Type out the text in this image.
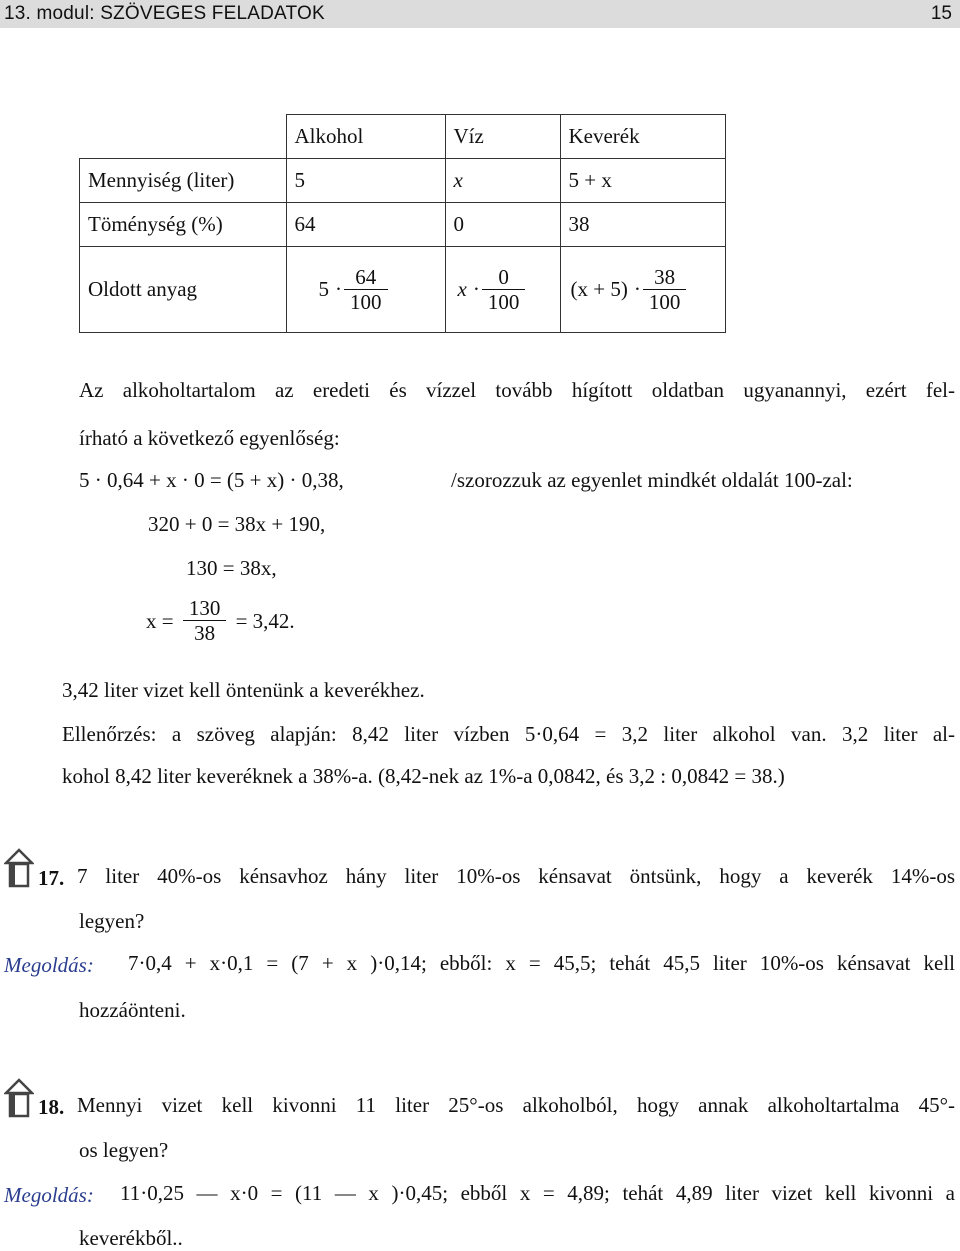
13. modul: SZÖVEGES FELADATOK	15
	Alkohol	Víz	Keverék
Mennyiség (liter)	5	x	5 + x
Töménység (%)	64	0	38
Oldott anyag	$5 \cdot \frac{64}{100}$	$x \cdot \frac{0}{100}$	$(x + 5) \cdot \frac{38}{100}$
Az alkoholtartalom az eredeti és vízzel tovább hígított oldatban ugyanannyi, ezért fel-
írható a következő egyenlőség:
5 · 0,64 + x · 0 = (5 + x) · 0,38,	/szorozzuk az egyenlet mindkét oldalát 100-zal:
320 + 0 = 38x + 190,
130 = 38x,
$x = \frac{130}{38} = 3,42$.
3,42 liter vizet kell öntenünk a keverékhez.
Ellenőrzés: a szöveg alapján: 8,42 liter vízben 5·0,64 = 3,2 liter alkohol van. 3,2 liter al-
kohol 8,42 liter keveréknek a 38%-a. (8,42-nek az 1%-a 0,0842, és 3,2 : 0,0842 = 38.)
17. 7 liter 40%-os kénsavhoz hány liter 10%-os kénsavat öntsünk, hogy a keverék 14%-os
legyen?
Megoldás: 7·0,4 + x·0,1 = (7 + x )·0,14; ebből: x = 45,5; tehát 45,5 liter 10%-os kénsavat kell
hozzáönteni.
18. Mennyi vizet kell kivonni 11 liter 25°-os alkoholból, hogy annak alkoholtartalma 45°-
os legyen?
Megoldás: 11·0,25 — x·0 = (11 — x )·0,45; ebből x = 4,89; tehát 4,89 liter vizet kell kivonni a
keverékből..
